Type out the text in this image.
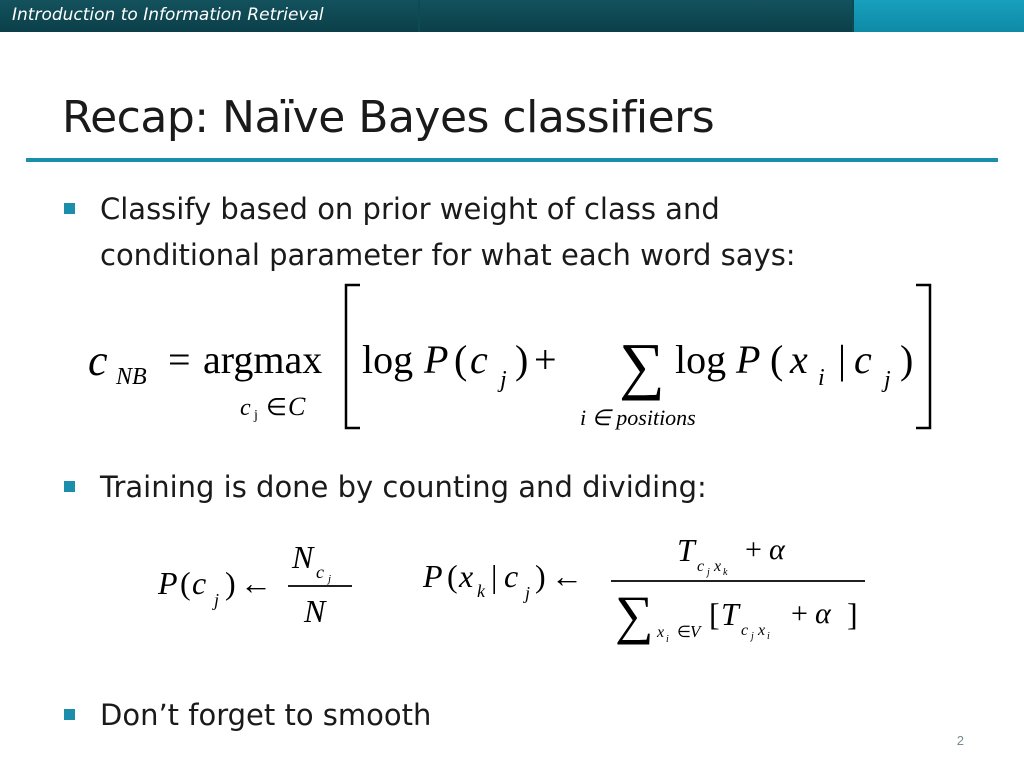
Introduction to Information Retrieval
Recap: Naïve Bayes classifiers
Classify based on prior weight of class and
conditional parameter for what each word says:
c NB = argmax
c j ∈ C
log P ( c j ) + ∑ log P ( x i | c j )
i ∈ positions
Training is done by counting and dividing:
P ( c j ) ←
N c j
N
P ( x k | c j ) ←
T c j x k
+ α
∑ x i ∈ V [ T c j x i
+ α ]
Don’t forget to smooth
2
